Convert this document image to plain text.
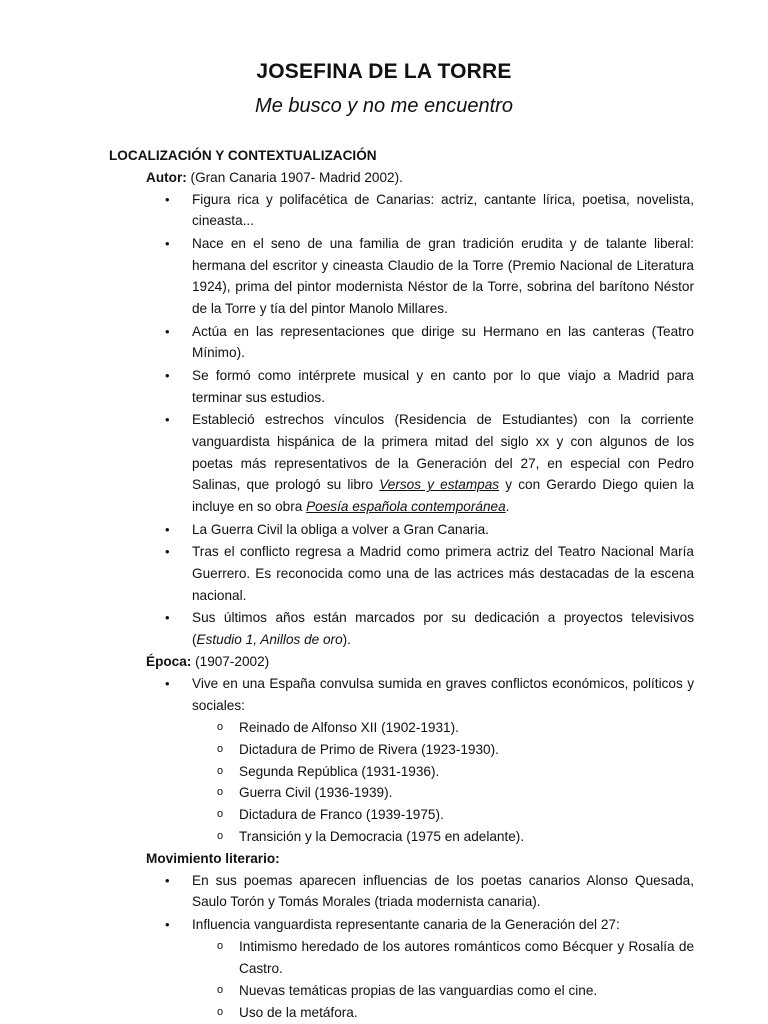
JOSEFINA DE LA TORRE
Me busco y no me encuentro
LOCALIZACIÓN Y CONTEXTUALIZACIÓN
Autor: (Gran Canaria 1907- Madrid 2002).
•	Figura rica y polifacética de Canarias: actriz, cantante lírica, poetisa, novelista, cineasta...
•	Nace en el seno de una familia de gran tradición erudita y de talante liberal: hermana del escritor y cineasta Claudio de la Torre (Premio Nacional de Literatura 1924), prima del pintor modernista Néstor de la Torre, sobrina del barítono Néstor de la Torre y tía del pintor Manolo Millares.
•	Actúa en las representaciones que dirige su Hermano en las canteras (Teatro Mínimo).
•	Se formó como intérprete musical y en canto por lo que viajo a Madrid para terminar sus estudios.
•	Estableció estrechos vínculos (Residencia de Estudiantes) con la corriente vanguardista hispánica de la primera mitad del siglo xx y con algunos de los poetas más representativos de la Generación del 27, en especial con Pedro Salinas, que prologó su libro Versos y estampas y con Gerardo Diego quien la incluye en so obra Poesía española contemporánea.
•	La Guerra Civil la obliga a volver a Gran Canaria.
•	Tras el conflicto regresa a Madrid como primera actriz del Teatro Nacional María Guerrero. Es reconocida como una de las actrices más destacadas de la escena nacional.
•	Sus últimos años están marcados por su dedicación a proyectos televisivos (Estudio 1, Anillos de oro).
Época: (1907-2002)
•	Vive en una España convulsa sumida en graves conflictos económicos, políticos y sociales:
o Reinado de Alfonso XII (1902-1931).
o Dictadura de Primo de Rivera (1923-1930).
o Segunda República (1931-1936).
o Guerra Civil (1936-1939).
o Dictadura de Franco (1939-1975).
o Transición y la Democracia (1975 en adelante).
Movimiento literario:
•	En sus poemas aparecen influencias de los poetas canarios Alonso Quesada, Saulo Torón y Tomás Morales (triada modernista canaria).
•	Influencia vanguardista representante canaria de la Generación del 27:
o Intimismo heredado de los autores románticos como Bécquer y Rosalía de Castro.
o Nuevas temáticas propias de las vanguardias como el cine.
o Uso de la metáfora.
